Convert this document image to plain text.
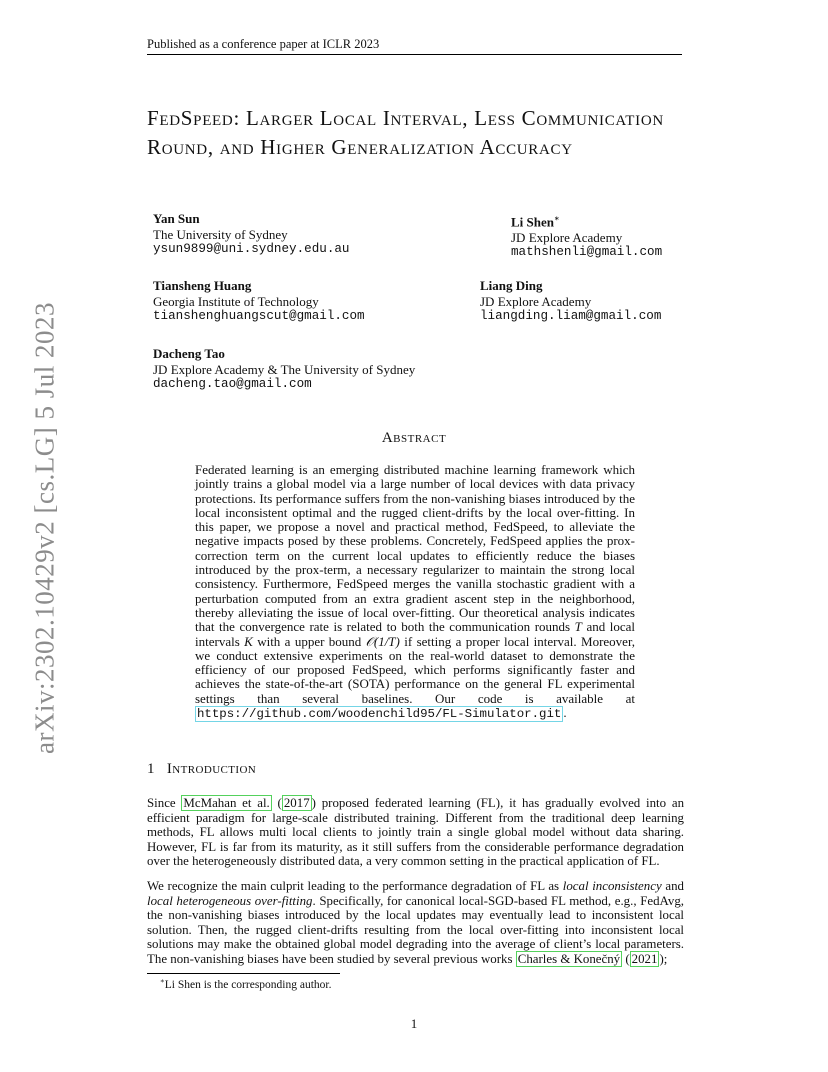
Published as a conference paper at ICLR 2023
arXiv:2302.10429v2 [cs.LG] 5 Jul 2023
FedSpeed: Larger Local Interval, Less Communication Round, and Higher Generalization Accuracy
Yan Sun
The University of Sydney
ysun9899@uni.sydney.edu.au
Li Shen∗
JD Explore Academy
mathshenli@gmail.com
Tiansheng Huang
Georgia Institute of Technology
tianshenghuangscut@gmail.com
Liang Ding
JD Explore Academy
liangding.liam@gmail.com
Dacheng Tao
JD Explore Academy & The University of Sydney
dacheng.tao@gmail.com
Abstract
Federated learning is an emerging distributed machine learning framework which jointly trains a global model via a large number of local devices with data privacy protections. Its performance suffers from the non-vanishing biases introduced by the local inconsistent optimal and the rugged client-drifts by the local over-fitting. In this paper, we propose a novel and practical method, FedSpeed, to alleviate the negative impacts posed by these problems. Concretely, FedSpeed applies the prox-correction term on the current local updates to efficiently reduce the biases introduced by the prox-term, a necessary regularizer to maintain the strong local consistency. Furthermore, FedSpeed merges the vanilla stochastic gradient with a perturbation computed from an extra gradient ascent step in the neighborhood, thereby alleviating the issue of local over-fitting. Our theoretical analysis indicates that the convergence rate is related to both the communication rounds T and local intervals K with a upper bound 𝒪(1/T) if setting a proper local interval. Moreover, we conduct extensive experiments on the real-world dataset to demonstrate the efficiency of our proposed FedSpeed, which performs significantly faster and achieves the state-of-the-art (SOTA) performance on the general FL experimental settings than several baselines. Our code is available at https://github.com/woodenchild95/FL-Simulator.git .
1 Introduction

Since McMahan et al. ( 2017 ) proposed federated learning (FL), it has gradually evolved into an efficient paradigm for large-scale distributed training. Different from the traditional deep learning methods, FL allows multi local clients to jointly train a single global model without data sharing. However, FL is far from its maturity, as it still suffers from the considerable performance degradation over the heterogeneously distributed data, a very common setting in the practical application of FL.

We recognize the main culprit leading to the performance degradation of FL as local inconsistency and local heterogeneous over-fitting. Specifically, for canonical local-SGD-based FL method, e.g., FedAvg, the non-vanishing biases introduced by the local updates may eventually lead to inconsistent local solution. Then, the rugged client-drifts resulting from the local over-fitting into inconsistent local solutions may make the obtained global model degrading into the average of client’s local parameters. The non-vanishing biases have been studied by several previous works Charles & Konečný ( 2021 );

∗Li Shen is the corresponding author.
1
